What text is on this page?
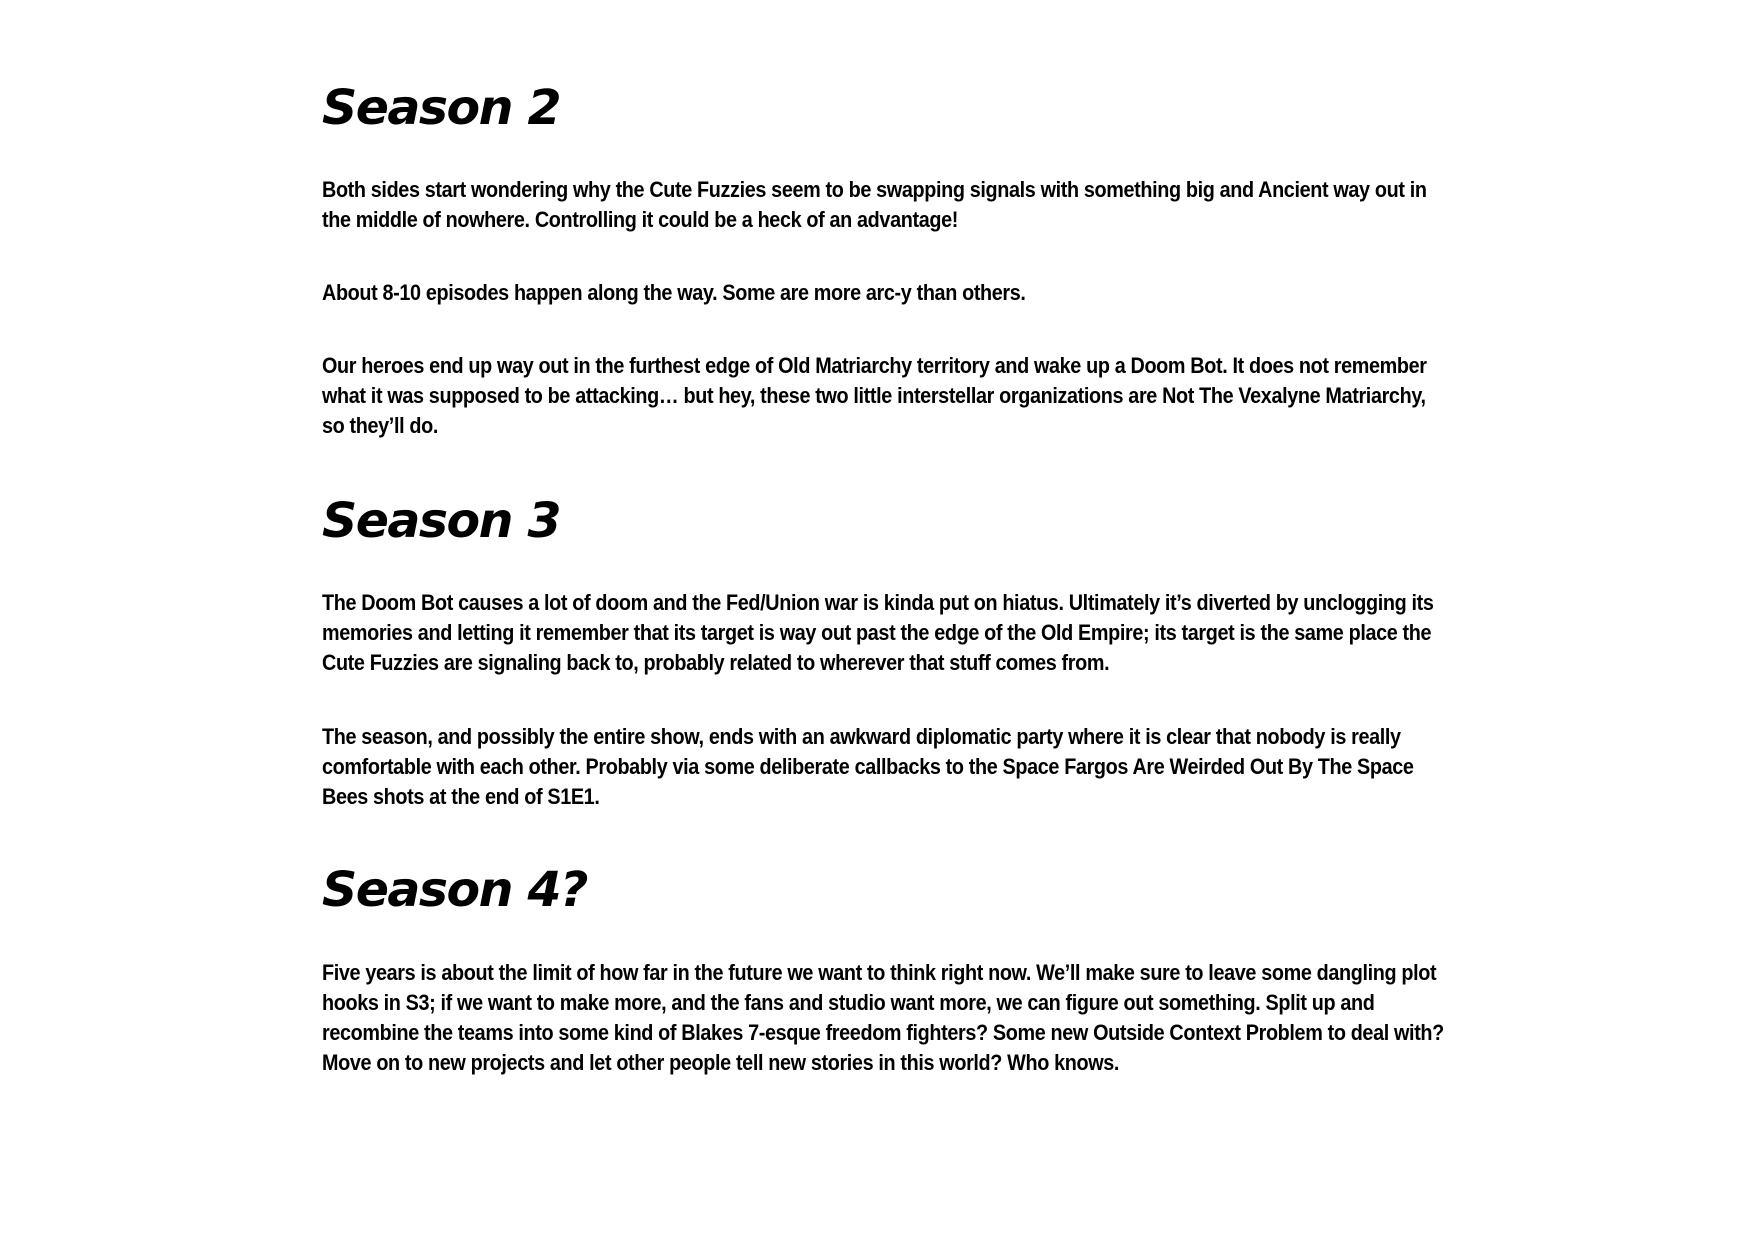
Season 2

Both sides start wondering why the Cute Fuzzies seem to be swapping signals with something big and Ancient way out in the middle of nowhere. Controlling it could be a heck of an advantage!

About 8-10 episodes happen along the way. Some are more arc-y than others.

Our heroes end up way out in the furthest edge of Old Matriarchy territory and wake up a Doom Bot. It does not remember what it was supposed to be attacking… but hey, these two little interstellar organizations are Not The Vexalyne Matriarchy, so they’ll do.

Season 3

The Doom Bot causes a lot of doom and the Fed/Union war is kinda put on hiatus. Ultimately it’s diverted by unclogging its memories and letting it remember that its target is way out past the edge of the Old Empire; its target is the same place the Cute Fuzzies are signaling back to, probably related to wherever that stuff comes from.

The season, and possibly the entire show, ends with an awkward diplomatic party where it is clear that nobody is really comfortable with each other. Probably via some deliberate callbacks to the Space Fargos Are Weirded Out By The Space Bees shots at the end of S1E1.

Season 4?

Five years is about the limit of how far in the future we want to think right now. We’ll make sure to leave some dangling plot hooks in S3; if we want to make more, and the fans and studio want more, we can figure out something. Split up and recombine the teams into some kind of Blakes 7-esque freedom fighters? Some new Outside Context Problem to deal with? Move on to new projects and let other people tell new stories in this world? Who knows.
